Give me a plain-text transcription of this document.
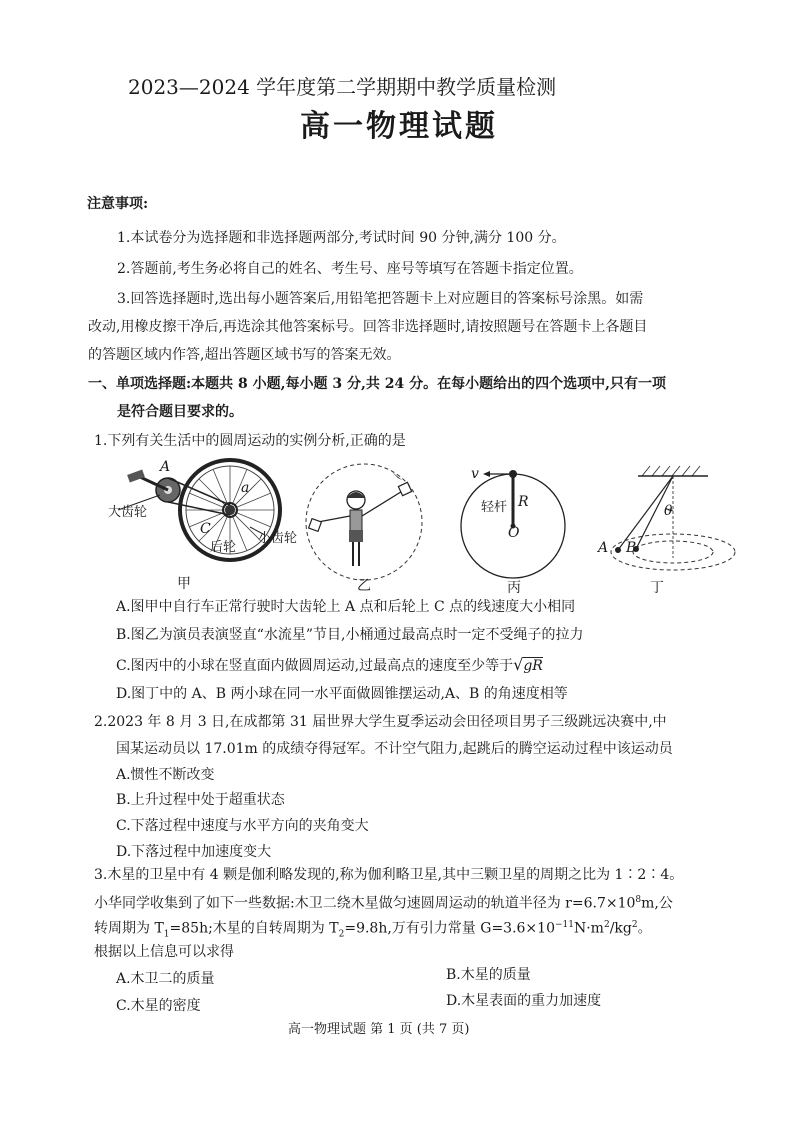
2023—2024 学年度第二学期期中教学质量检测
高一物理试题
注意事项:
1.本试卷分为选择题和非选择题两部分,考试时间 90 分钟,满分 100 分。
2.答题前,考生务必将自己的姓名、考生号、座号等填写在答题卡指定位置。
3.回答选择题时,选出每小题答案后,用铅笔把答题卡上对应题目的答案标号涂黑。如需
改动,用橡皮擦干净后,再选涂其他答案标号。回答非选择题时,请按照题号在答题卡上各题目
的答题区域内作答,超出答题区域书写的答案无效。
一、单项选择题:本题共 8 小题,每小题 3 分,共 24 分。在每小题给出的四个选项中,只有一项
是符合题目要求的。
1.下列有关生活中的圆周运动的实例分析,正确的是
A
a
C
大齿轮
后轮
小齿轮
甲	乙
v
轻杆 R
O
丙
θ
A B
丁
A.图甲中自行车正常行驶时大齿轮上 A 点和后轮上 C 点的线速度大小相同
B.图乙为演员表演竖直“水流星”节目,小桶通过最高点时一定不受绳子的拉力
C.图丙中的小球在竖直面内做圆周运动,过最高点的速度至少等于√gR
D.图丁中的 A、B 两小球在同一水平面做圆锥摆运动,A、B 的角速度相等
2.2023 年 8 月 3 日,在成都第 31 届世界大学生夏季运动会田径项目男子三级跳远决赛中,中
国某运动员以 17.01m 的成绩夺得冠军。不计空气阻力,起跳后的腾空运动过程中该运动员
A.惯性不断改变
B.上升过程中处于超重状态
C.下落过程中速度与水平方向的夹角变大
D.下落过程中加速度变大
3.木星的卫星中有 4 颗是伽利略发现的,称为伽利略卫星,其中三颗卫星的周期之比为 1∶2∶4。
小华同学收集到了如下一些数据:木卫二绕木星做匀速圆周运动的轨道半径为 $r=6.7\times 10^8m$,公
转周期为 $T_1=85h$;木星的自转周期为 $T_2=9.8h$,万有引力常量 $G=3.6\times 10^{-11}N\cdot m^2/kg^2$。
根据以上信息可以求得
A.木卫二的质量	B.木星的质量
C.木星的密度	D.木星表面的重力加速度
高一物理试题 第 1 页 (共 7 页)
